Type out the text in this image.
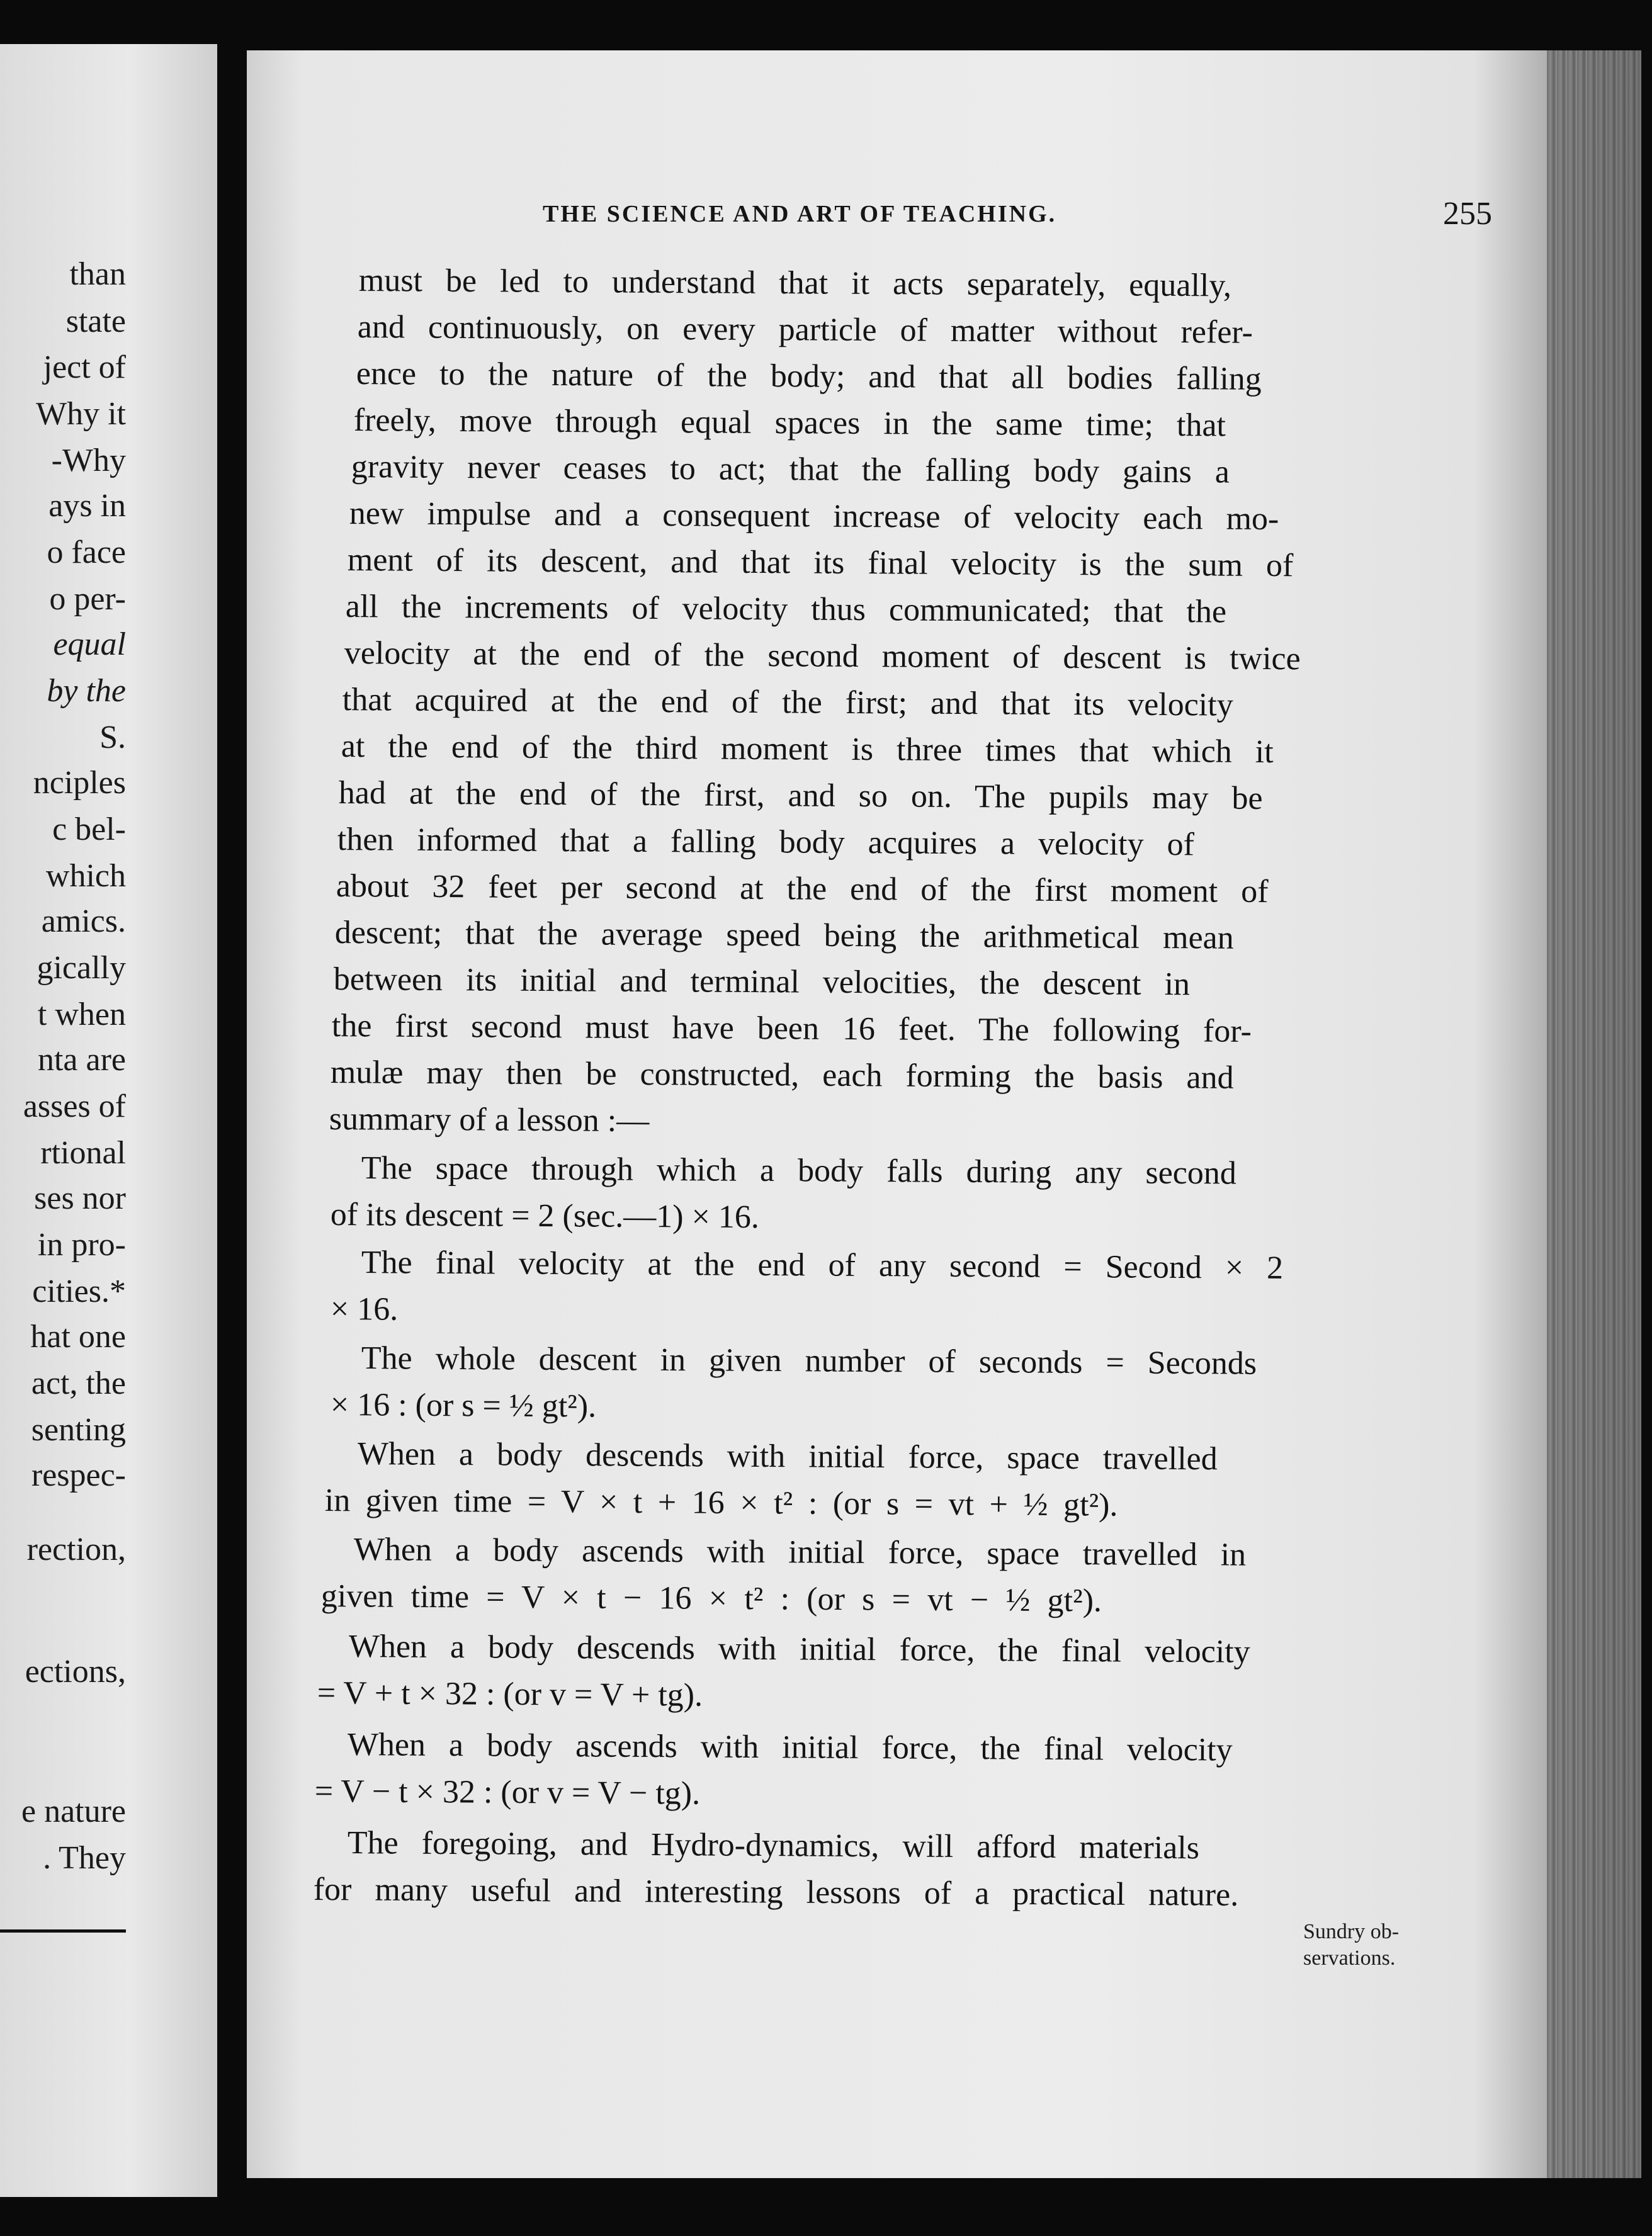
than
state
ject of
Why it
-Why
ays in
o face
o per-
equal
by the
S.
nciples
c bel-
which
amics.
gically
t when
nta are
asses of
rtional
ses nor
in pro-
cities.*
hat one
act, the
senting
respec-
rection,
ections,
e nature
. They
THE SCIENCE AND ART OF TEACHING.	255
must be led to understand that it acts separately, equally,
and continuously, on every particle of matter without refer-
ence to the nature of the body; and that all bodies falling
freely, move through equal spaces in the same time; that
gravity never ceases to act; that the falling body gains a
new impulse and a consequent increase of velocity each mo-
ment of its descent, and that its final velocity is the sum of
all the increments of velocity thus communicated; that the
velocity at the end of the second moment of descent is twice
that acquired at the end of the first; and that its velocity
at the end of the third moment is three times that which it
had at the end of the first, and so on. The pupils may be
then informed that a falling body acquires a velocity of
about 32 feet per second at the end of the first moment of
descent; that the average speed being the arithmetical mean
between its initial and terminal velocities, the descent in
the first second must have been 16 feet. The following for-
mulæ may then be constructed, each forming the basis and
summary of a lesson :—
The space through which a body falls during any second
of its descent = 2 (sec.—1) × 16.
The final velocity at the end of any second = Second × 2
× 16.
The whole descent in given number of seconds = Seconds
× 16 : (or s = ½ gt²).
When a body descends with initial force, space travelled
in given time = V × t + 16 × t² : (or s = vt + ½ gt²).
When a body ascends with initial force, space travelled in
given time = V × t − 16 × t² : (or s = vt − ½ gt²).
When a body descends with initial force, the final velocity
= V + t × 32 : (or v = V + tg).
When a body ascends with initial force, the final velocity
= V − t × 32 : (or v = V − tg).
The foregoing, and Hydro-dynamics, will afford materials
for many useful and interesting lessons of a practical nature.
Sundry ob-
servations.
